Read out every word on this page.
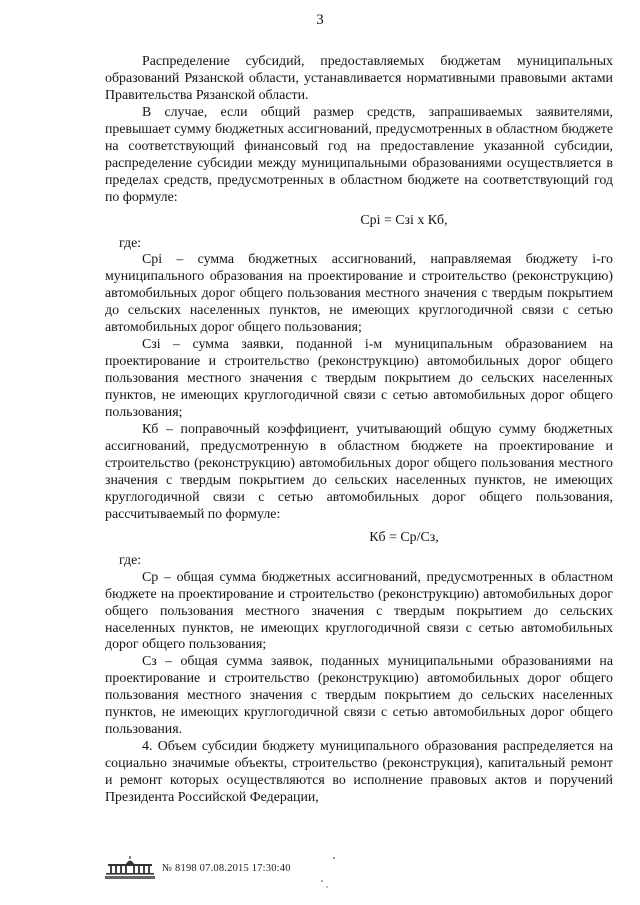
3

Распределение субсидий, предоставляемых бюджетам муниципальных образований Рязанской области, устанавливается нормативными правовыми актами Правительства Рязанской области.

В случае, если общий размер средств, запрашиваемых заявителями, превышает сумму бюджетных ассигнований, предусмотренных в областном бюджете на соответствующий финансовый год на предоставление указанной субсидии, распределение субсидии между муниципальными образованиями осуществляется в пределах средств, предусмотренных в областном бюджете на соответствующий год по формуле:

Cpi = Cзi x Кб,

где:

Cpi – сумма бюджетных ассигнований, направляемая бюджету i-го муниципального образования на проектирование и строительство (реконструкцию) автомобильных дорог общего пользования местного значения с твердым покрытием до сельских населенных пунктов, не имеющих круглогодичной связи с сетью автомобильных дорог общего пользования;

Cзi – сумма заявки, поданной i-м муниципальным образованием на проектирование и строительство (реконструкцию) автомобильных дорог общего пользования местного значения с твердым покрытием до сельских населенных пунктов, не имеющих круглогодичной связи с сетью автомобильных дорог общего пользования;

Кб – поправочный коэффициент, учитывающий общую сумму бюджетных ассигнований, предусмотренную в областном бюджете на проектирование и строительство (реконструкцию) автомобильных дорог общего пользования местного значения с твердым покрытием до сельских населенных пунктов, не имеющих круглогодичной связи с сетью автомобильных дорог общего пользования, рассчитываемый по формуле:

Кб = Cp/Cз,

где:

Cp – общая сумма бюджетных ассигнований, предусмотренных в областном бюджете на проектирование и строительство (реконструкцию) автомобильных дорог общего пользования местного значения с твердым покрытием до сельских населенных пунктов, не имеющих круглогодичной связи с сетью автомобильных дорог общего пользования;

Cз – общая сумма заявок, поданных муниципальными образованиями на проектирование и строительство (реконструкцию) автомобильных дорог общего пользования местного значения с твердым покрытием до сельских населенных пунктов, не имеющих круглогодичной связи с сетью автомобильных дорог общего пользования.

4. Объем субсидии бюджету муниципального образования распределяется на социально значимые объекты, строительство (реконструкция), капитальный ремонт и ремонт которых осуществляются во исполнение правовых актов и поручений Президента Российской Федерации,

№ 8198 07.08.2015 17:30:40
